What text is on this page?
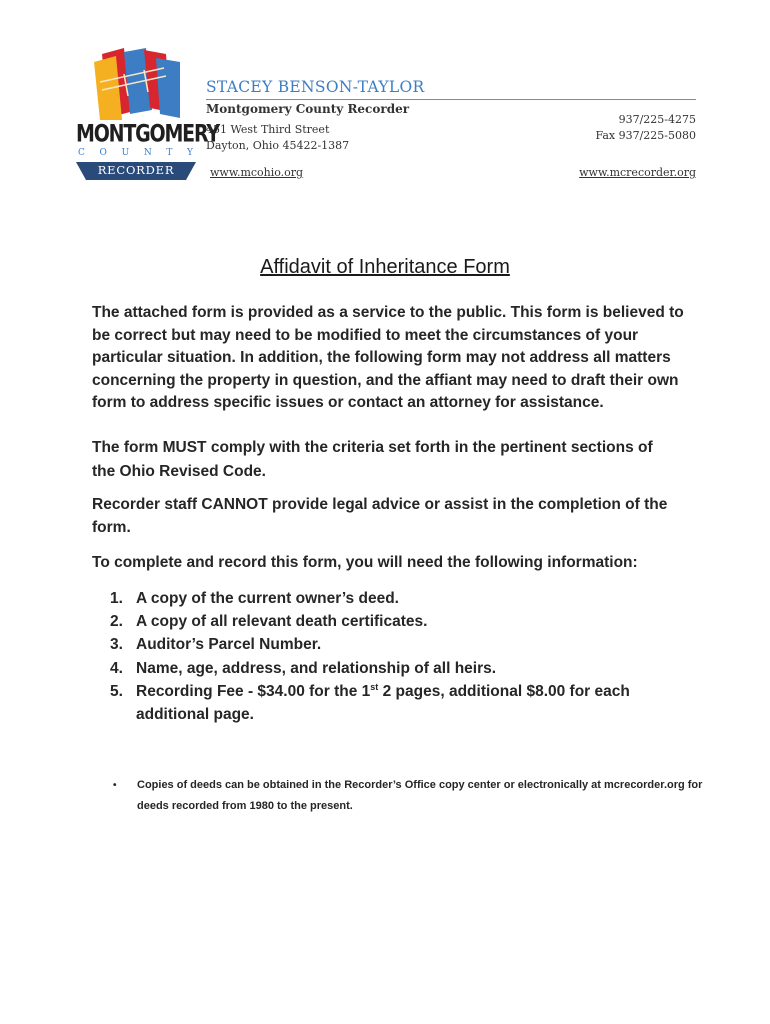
MONTGOMERY
C O U N T Y
RECORDER
STACEY BENSON-TAYLOR
Montgomery County Recorder
451 West Third Street
Dayton, Ohio 45422-1387
937/225-4275
Fax 937/225-5080
www.mcohio.org	www.mcrecorder.org
Affidavit of Inheritance Form

The attached form is provided as a service to the public. This form is believed to be correct but may need to be modified to meet the circumstances of your particular situation. In addition, the following form may not address all matters concerning the property in question, and the affiant may need to draft their own form to address specific issues or contact an attorney for assistance.

The form MUST comply with the criteria set forth in the pertinent sections of the Ohio Revised Code.

Recorder staff CANNOT provide legal advice or assist in the completion of the form.

To complete and record this form, you will need the following information:

1. A copy of the current owner’s deed.
2. A copy of all relevant death certificates.
3. Auditor’s Parcel Number.
4. Name, age, address, and relationship of all heirs.
5. Recording Fee - $34.00 for the 1st 2 pages, additional $8.00 for each additional page.
•	Copies of deeds can be obtained in the Recorder’s Office copy center or electronically at mcrecorder.org for deeds recorded from 1980 to the present.
